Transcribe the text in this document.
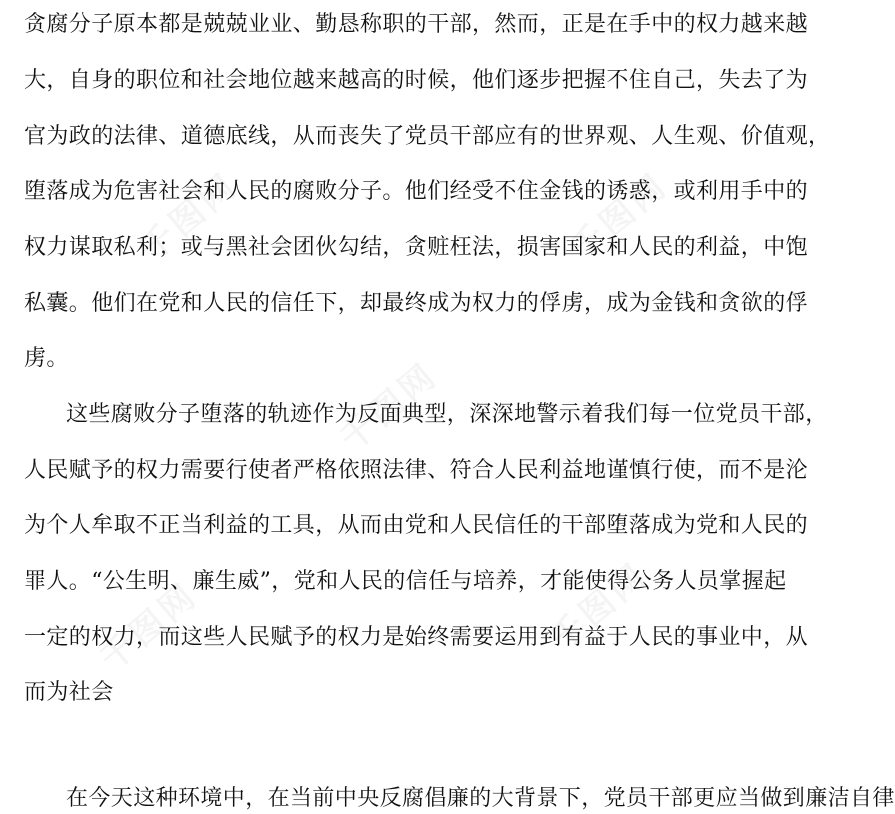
贪腐分子原本都是兢兢业业、勤恳称职的干部，然而，正是在手中的权力越来越
大，自身的职位和社会地位越来越高的时候，他们逐步把握不住自己，失去了为
官为政的法律、道德底线，从而丧失了党员干部应有的世界观、人生观、价值观，
堕落成为危害社会和人民的腐败分子。他们经受不住金钱的诱惑，或利用手中的
权力谋取私利；或与黑社会团伙勾结，贪赃枉法，损害国家和人民的利益，中饱
私囊。他们在党和人民的信任下，却最终成为权力的俘虏，成为金钱和贪欲的俘
虏。
这些腐败分子堕落的轨迹作为反面典型，深深地警示着我们每一位党员干部，
人民赋予的权力需要行使者严格依照法律、符合人民利益地谨慎行使，而不是沦
为个人牟取不正当利益的工具，从而由党和人民信任的干部堕落成为党和人民的
罪人。“公生明、廉生威”，党和人民的信任与培养，才能使得公务人员掌握起
一定的权力，而这些人民赋予的权力是始终需要运用到有益于人民的事业中，从
而为社会
在今天这种环境中，在当前中央反腐倡廉的大背景下，党员干部更应当做到廉洁自律
